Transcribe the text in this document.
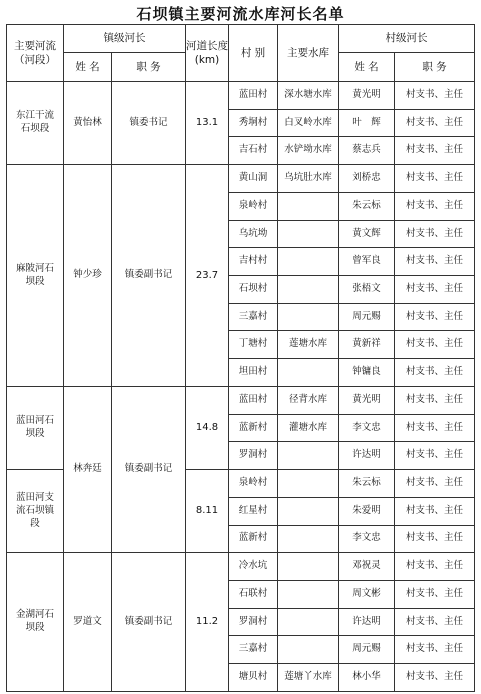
石坝镇主要河流水库河长名单
主要河流（河段）	镇级河长		河道长度(km)	村 别	主要水库	村级河长	
	姓 名	职 务				姓 名	职 务
东江干流石坝段	黄怡林	镇委书记	13.1	蓝田村	深水塘水库	黄光明	村支书、主任
				秀垌村	白叉岭水库	叶　辉	村支书、主任
				吉石村	水铲坳水库	蔡志兵	村支书、主任
麻陂河石坝段	钟少珍	镇委副书记	23.7	黄山洞	乌坑肚水库	刘桥忠	村支书、主任
				泉岭村		朱云标	村支书、主任
				乌坑坳		黄文辉	村支书、主任
				吉村村		曾军良	村支书、主任
				石坝村		张梧文	村支书、主任
				三嘉村		周元赐	村支书、主任
				丁塘村	莲塘水库	黄新祥	村支书、主任
				坦田村		钟镛良	村支书、主任
蓝田河石坝段	林奔廷	镇委副书记	14.8	蓝田村	径背水库	黄光明	村支书、主任
				蓝新村	灌塘水库	李文忠	村支书、主任
				罗洞村		许达明	村支书、主任
蓝田河支流石坝镇段			8.11	泉岭村		朱云标	村支书、主任
				红星村		朱爱明	村支书、主任
				蓝新村		李文忠	村支书、主任
金湖河石坝段	罗道文	镇委副书记	11.2	冷水坑		邓祝灵	村支书、主任
				石联村		周文彬	村支书、主任
				罗洞村		许达明	村支书、主任
				三嘉村		周元赐	村支书、主任
				塘贝村	莲塘丫水库	林小华	村支书、主任
